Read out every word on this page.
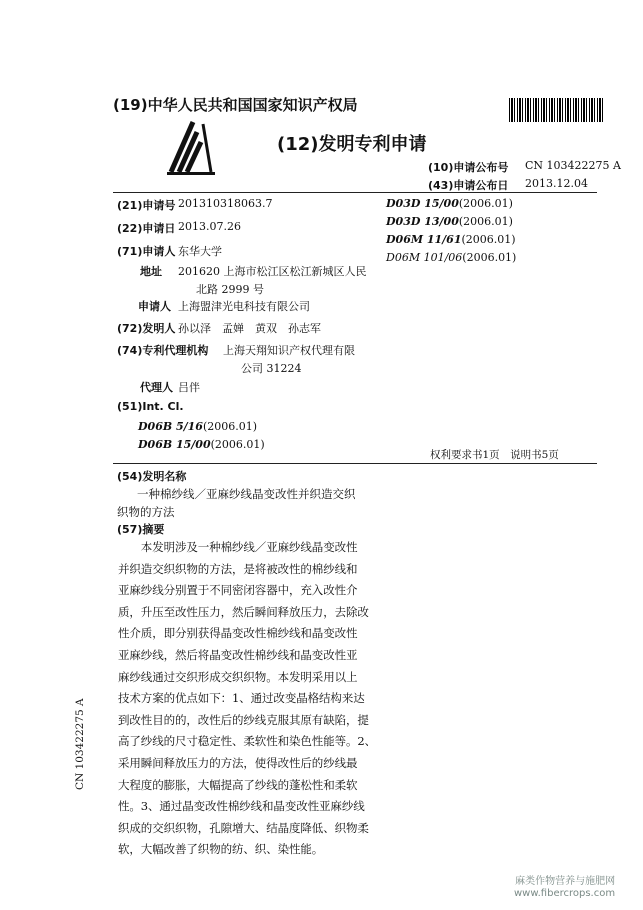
(19)中华人民共和国国家知识产权局
(12)发明专利申请
(10)申请公布号 CN 103422275 A
(43)申请公布日 2013.12.04
(21)申请号 201310318063.7
(22)申请日 2013.07.26
(71)申请人 东华大学
地址 201620 上海市松江区松江新城区人民
北路 2999 号
申请人 上海盟津光电科技有限公司
(72)发明人 孙以泽　孟婵　黄双　孙志军
(74)专利代理机构 上海天翔知识产权代理有限
公司 31224
代理人 吕伴
(51)Int. Cl.
D06B 5/16(2006.01)
D06B 15/00(2006.01)
D03D 15/00(2006.01)
D03D 13/00(2006.01)
D06M 11/61(2006.01)
D06M 101/06(2006.01)
权利要求书1页　说明书5页
(54)发明名称
一种棉纱线／亚麻纱线晶变改性并织造交织
织物的方法
(57)摘要

　　本发明涉及一种棉纱线／亚麻纱线晶变改性

并织造交织织物的方法，是将被改性的棉纱线和

亚麻纱线分别置于不同密闭容器中，充入改性介

质，升压至改性压力，然后瞬间释放压力，去除改

性介质，即分别获得晶变改性棉纱线和晶变改性

亚麻纱线，然后将晶变改性棉纱线和晶变改性亚

麻纱线通过交织形成交织织物。本发明采用以上

技术方案的优点如下：1、通过改变晶格结构来达

到改性目的的，改性后的纱线克服其原有缺陷，提

高了纱线的尺寸稳定性、柔软性和染色性能等。2、

采用瞬间释放压力的方法，使得改性后的纱线最

大程度的膨胀，大幅提高了纱线的蓬松性和柔软

性。3、通过晶变改性棉纱线和晶变改性亚麻纱线

织成的交织织物，孔隙增大、结晶度降低、织物柔

软，大幅改善了织物的纺、织、染性能。

CN 103422275 A
麻类作物营养与施肥网
www.fibercrops.com
